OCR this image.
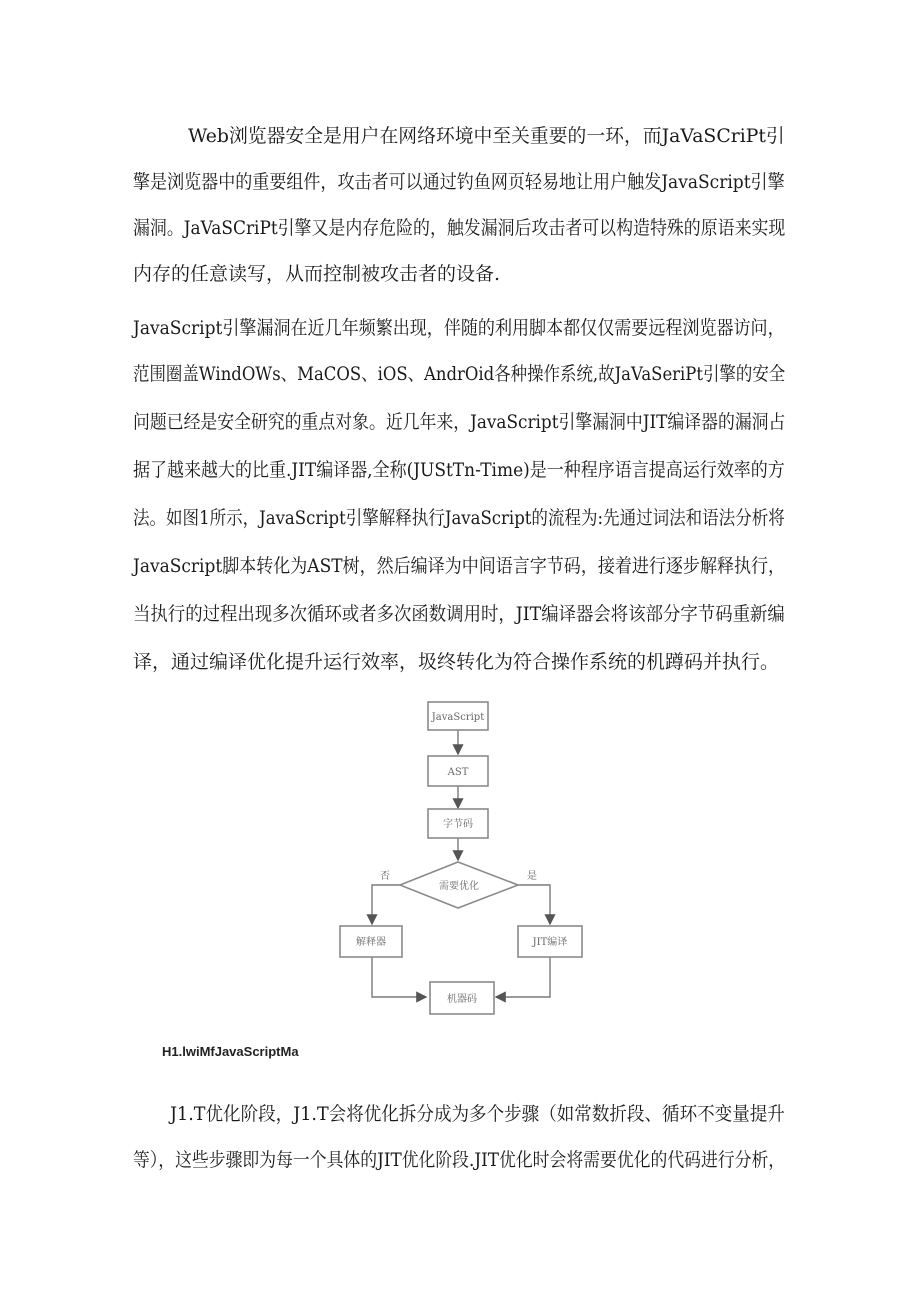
Web浏览器安全是用户在网络环境中至关重要的一环，而JaVaSCriPt引
擎是浏览器中的重要组件，攻击者可以通过钓鱼网页轻易地让用户触发JavaScript引擎
漏洞。JaVaSCriPt引擎又是内存危险的，触发漏洞后攻击者可以构造特殊的原语来实现
内存的任意读写，从而控制被攻击者的设备.
JavaScript引擎漏洞在近几年频繁出现，伴随的利用脚本都仅仅需要远程浏览器访问，
范围圈盖WindOWs、MaCOS、iOS、AndrOid各种操作系统,故JaVaSeriPt引擎的安全
问题已经是安全研究的重点对象。近几年来，JavaScript引擎漏洞中JIT编译器的漏洞占
据了越来越大的比重.JIT编译器,全称(JUStTn-Time)是一种程序语言提高运行效率的方
法。如图1所示，JavaScript引擎解释执行JavaScript的流程为:先通过词法和语法分析将
JavaScript脚本转化为AST树，然后编译为中间语言字节码，接着进行逐步解释执行，
当执行的过程出现多次循环或者多次函数调用时，JIT编译器会将该部分字节码重新编
译，通过编译优化提升运行效率，圾终转化为符合操作系统的机蹲码并执行。
JavaScript
AST
字节码
需要优化
否	是
解释器	JIT编译
机器码
H1.lwiMfJavaScriptMa
J1.T优化阶段，J1.T会将优化拆分成为多个步骤（如常数折段、循环不变量提升
等），这些步骤即为每一个具体的JIT优化阶段.JIT优化时会将需要优化的代码进行分析，
